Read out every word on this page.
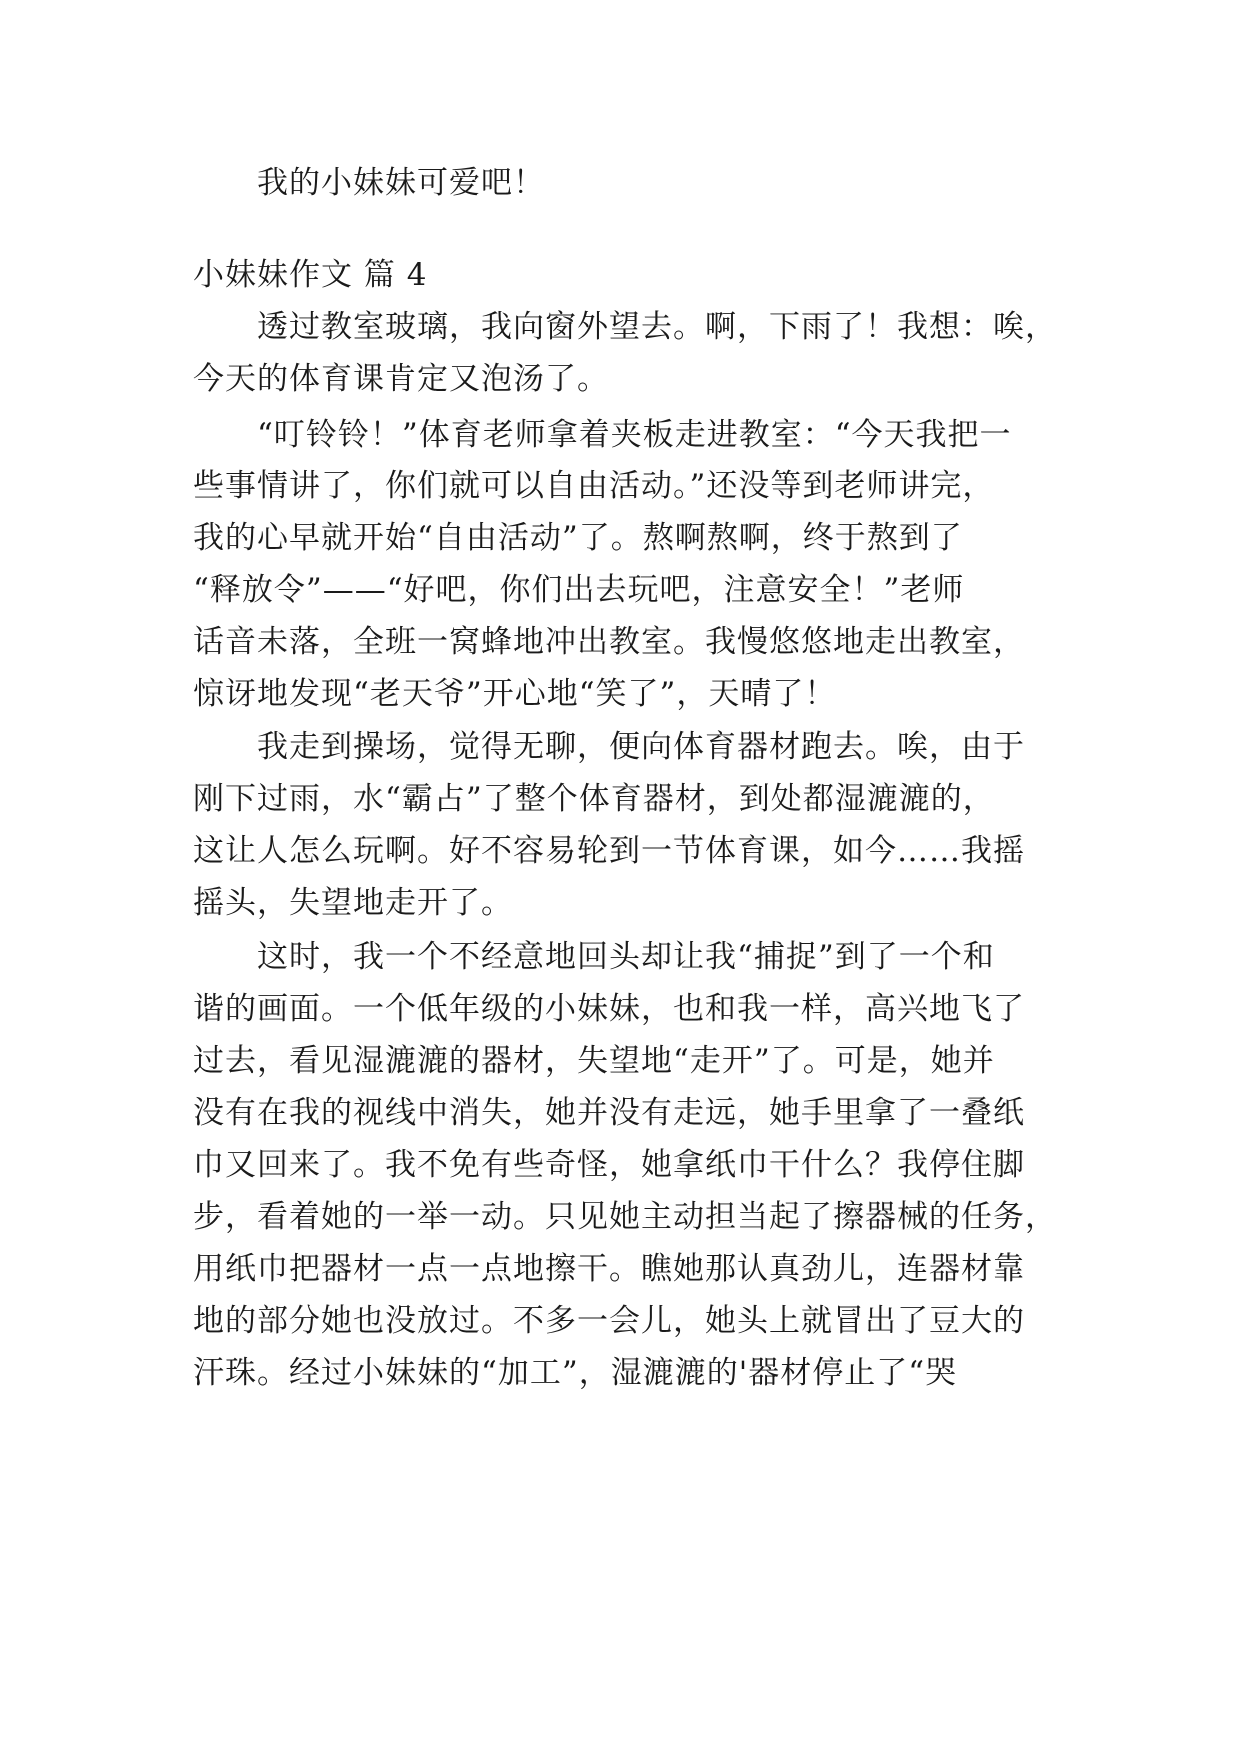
我的小妹妹可爱吧！
小妹妹作文 篇 4
透过教室玻璃，我向窗外望去。啊，下雨了！我想：唉，
今天的体育课肯定又泡汤了。
“叮铃铃！”体育老师拿着夹板走进教室：“今天我把一
些事情讲了，你们就可以自由活动。”还没等到老师讲完，
我的心早就开始“自由活动”了。熬啊熬啊，终于熬到了
“释放令”——“好吧，你们出去玩吧，注意安全！”老师
话音未落，全班一窝蜂地冲出教室。我慢悠悠地走出教室，
惊讶地发现“老天爷”开心地“笑了”，天晴了！
我走到操场，觉得无聊，便向体育器材跑去。唉，由于
刚下过雨，水“霸占”了整个体育器材，到处都湿漉漉的，
这让人怎么玩啊。好不容易轮到一节体育课，如今……我摇
摇头，失望地走开了。
这时，我一个不经意地回头却让我“捕捉”到了一个和
谐的画面。一个低年级的小妹妹，也和我一样，高兴地飞了
过去，看见湿漉漉的器材，失望地“走开”了。可是，她并
没有在我的视线中消失，她并没有走远，她手里拿了一叠纸
巾又回来了。我不免有些奇怪，她拿纸巾干什么？我停住脚
步，看着她的一举一动。只见她主动担当起了擦器械的任务，
用纸巾把器材一点一点地擦干。瞧她那认真劲儿，连器材靠
地的部分她也没放过。不多一会儿，她头上就冒出了豆大的
汗珠。经过小妹妹的“加工”，湿漉漉的'器材停止了“哭
